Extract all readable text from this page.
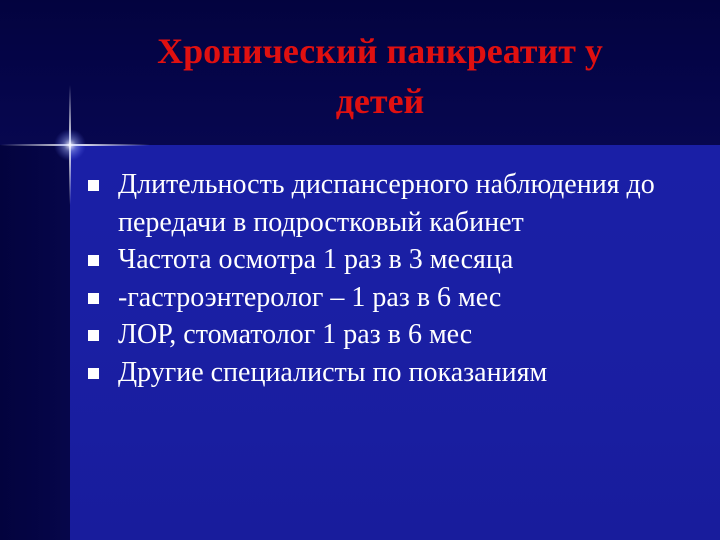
Хронический панкреатит у
детей
Длительность диспансерного наблюдения до передачи в подростковый кабинет
Частота осмотра 1 раз в 3 месяца
-гастроэнтеролог – 1 раз в 6 мес
ЛОР, стоматолог 1 раз в 6 мес
Другие специалисты по показаниям
